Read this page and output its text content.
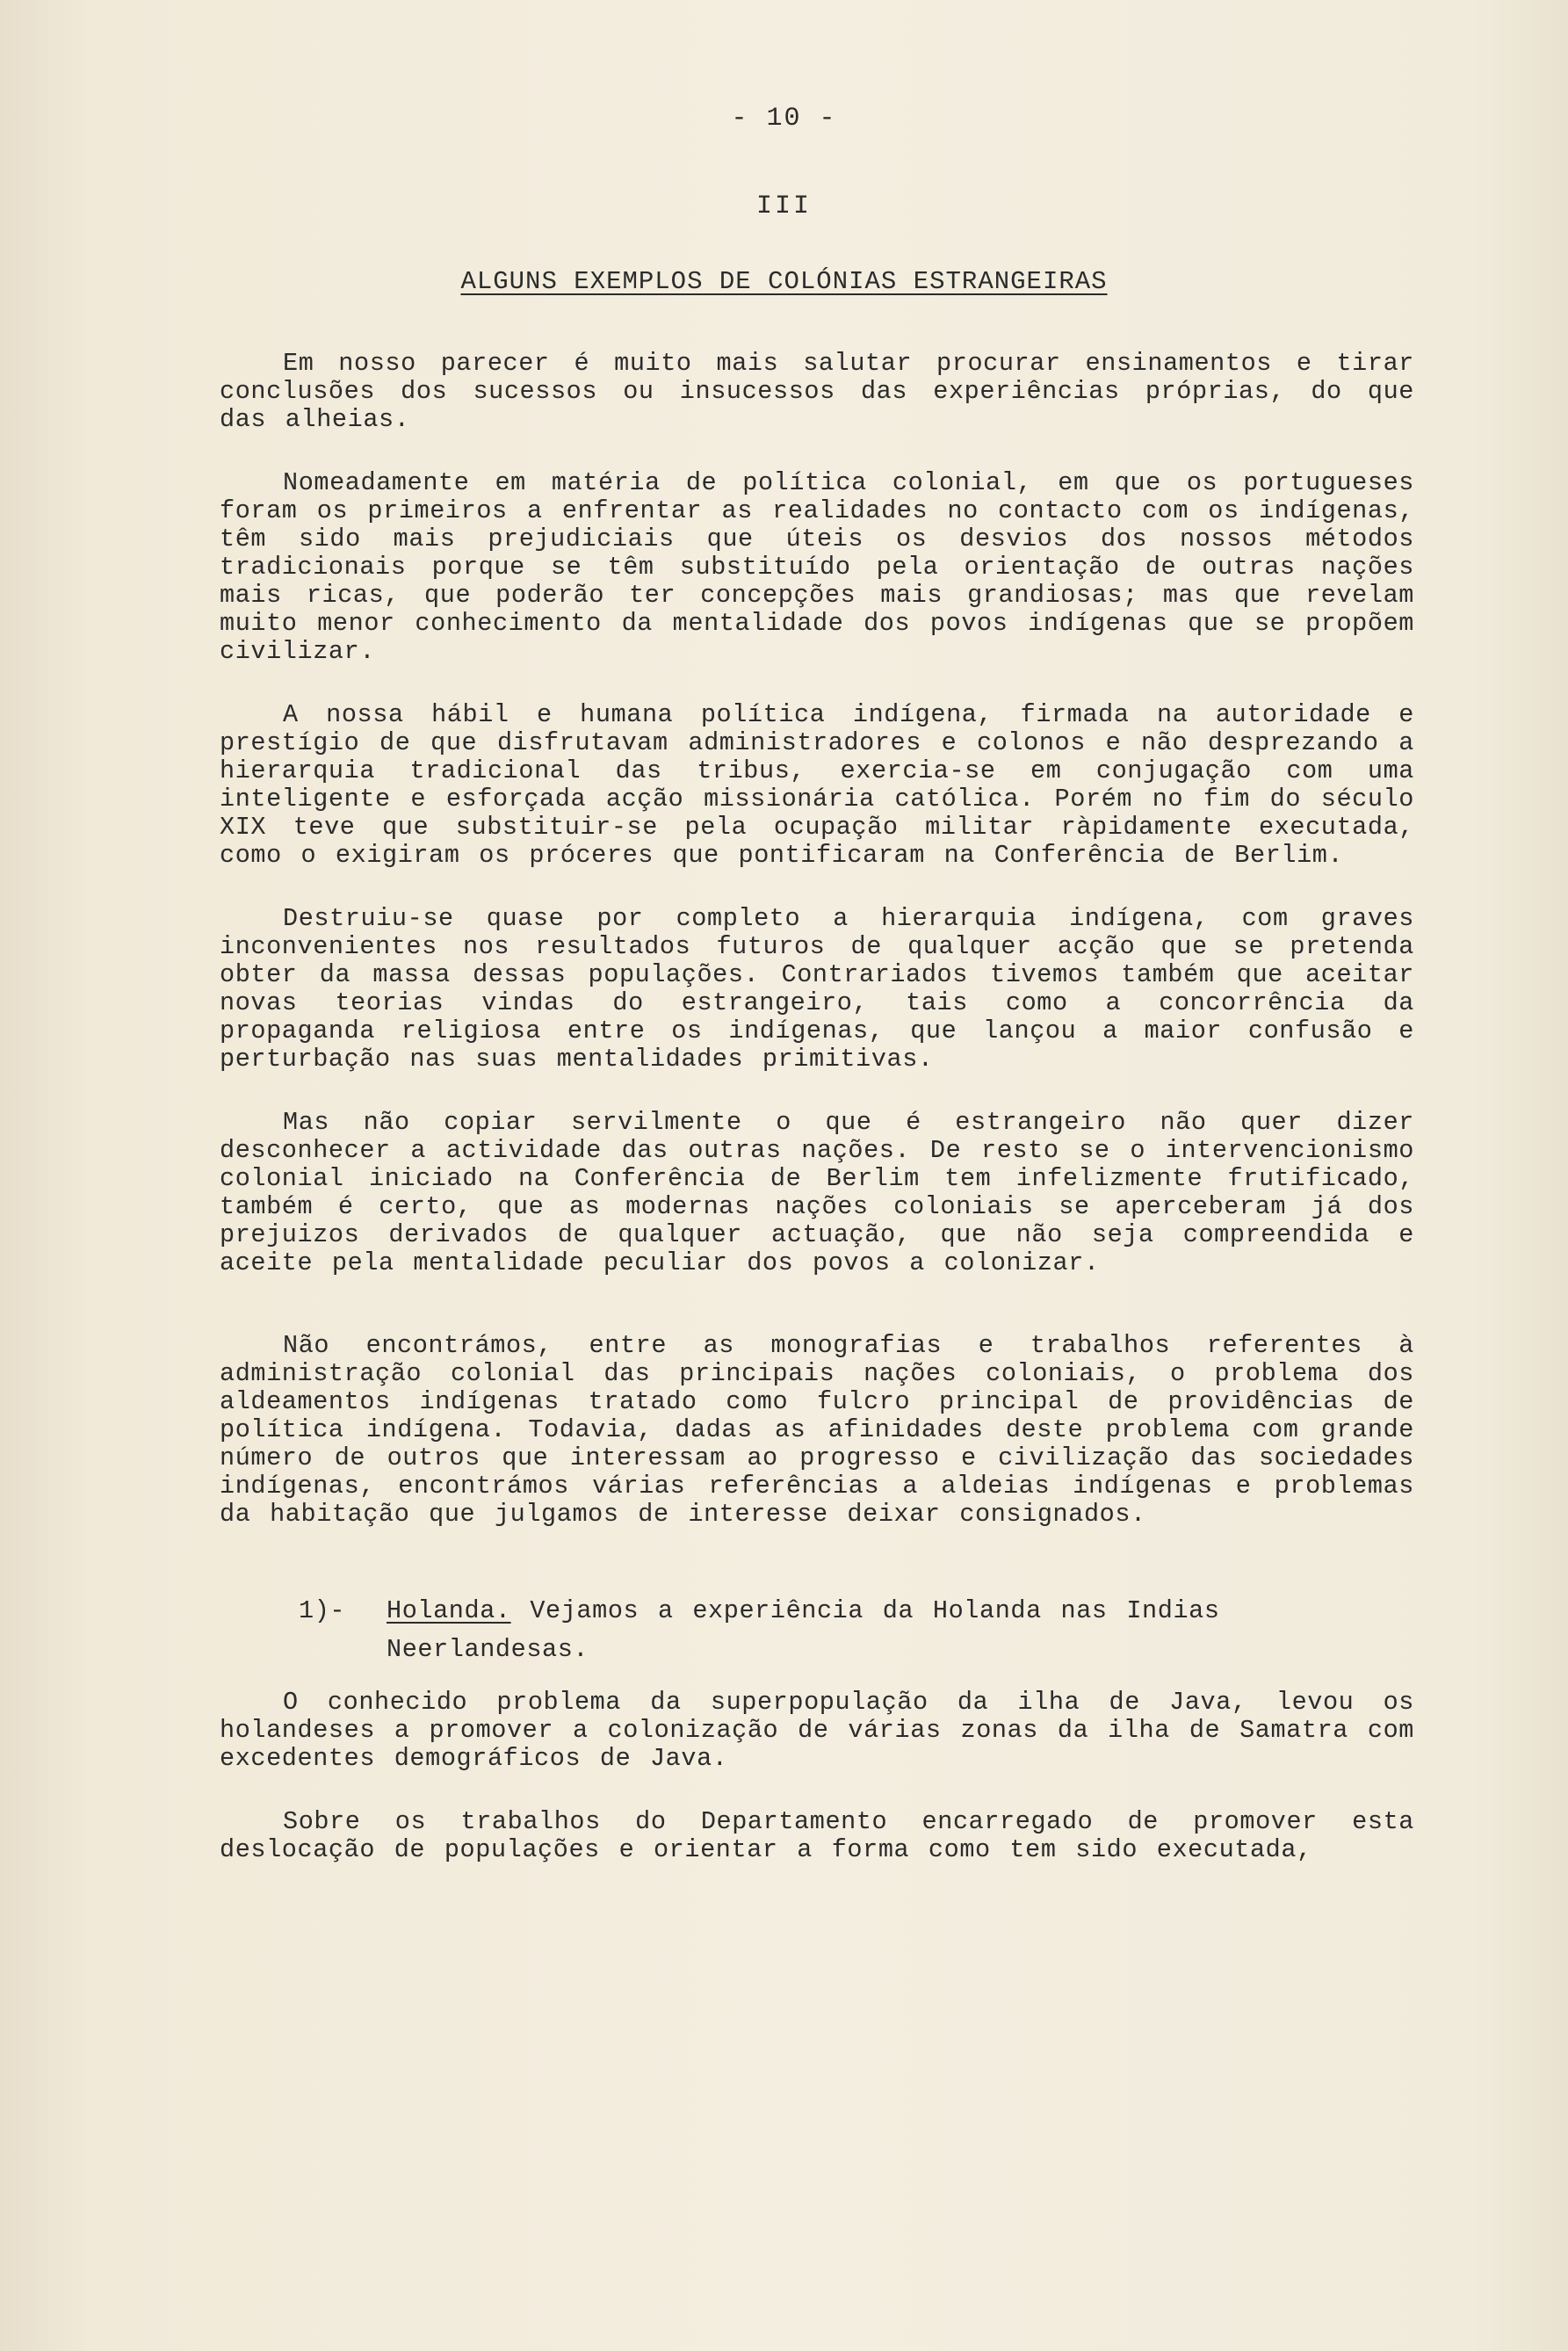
- 10 -
III
ALGUNS EXEMPLOS DE COLÓNIAS ESTRANGEIRAS

Em nosso parecer é muito mais salutar procurar ensinamentos e tirar conclusões dos sucessos ou insucessos das experiências próprias, do que das alheias.

Nomeadamente em matéria de política colonial, em que os portugueses foram os primeiros a enfrentar as realidades no contacto com os indígenas, têm sido mais prejudiciais que úteis os desvios dos nossos métodos tradicionais porque se têm substituído pela orientação de outras nações mais ricas, que poderão ter concepções mais grandiosas; mas que revelam muito menor conhecimento da mentalidade dos povos indígenas que se propõem civilizar.

A nossa hábil e humana política indígena, firmada na autoridade e prestígio de que disfrutavam administradores e colonos e não desprezando a hierarquia tradicional das tribus, exercia-se em conjugação com uma inteligente e esforçada acção missionária católica. Porém no fim do século XIX teve que substituir-se pela ocupação militar ràpidamente executada, como o exigiram os próceres que pontificaram na Conferência de Berlim.

Destruiu-se quase por completo a hierarquia indígena, com graves inconvenientes nos resultados futuros de qualquer acção que se pretenda obter da massa dessas populações. Contrariados tivemos também que aceitar novas teorias vindas do estrangeiro, tais como a concorrência da propaganda religiosa entre os indígenas, que lançou a maior confusão e perturbação nas suas mentalidades primitivas.

Mas não copiar servilmente o que é estrangeiro não quer dizer desconhecer a actividade das outras nações. De resto se o intervencionismo colonial iniciado na Conferência de Berlim tem infelizmente frutificado, também é certo, que as modernas nações coloniais se aperceberam já dos prejuizos derivados de qualquer actuação, que não seja compreendida e aceite pela mentalidade peculiar dos povos a colonizar.

Não encontrámos, entre as monografias e trabalhos referentes à administração colonial das principais nações coloniais, o problema dos aldeamentos indígenas tratado como fulcro principal de providências de política indígena. Todavia, dadas as afinidades deste problema com grande número de outros que interessam ao progresso e civilização das sociedades indígenas, encontrámos várias referências a aldeias indígenas e problemas da habitação que julgamos de interesse deixar consignados.

1)- Holanda. Vejamos a experiência da Holanda nas Indias Neerlandesas.

O conhecido problema da superpopulação da ilha de Java, levou os holandeses a promover a colonização de várias zonas da ilha de Samatra com excedentes demográficos de Java.

Sobre os trabalhos do Departamento encarregado de promover esta deslocação de populações e orientar a forma como tem sido executada,
